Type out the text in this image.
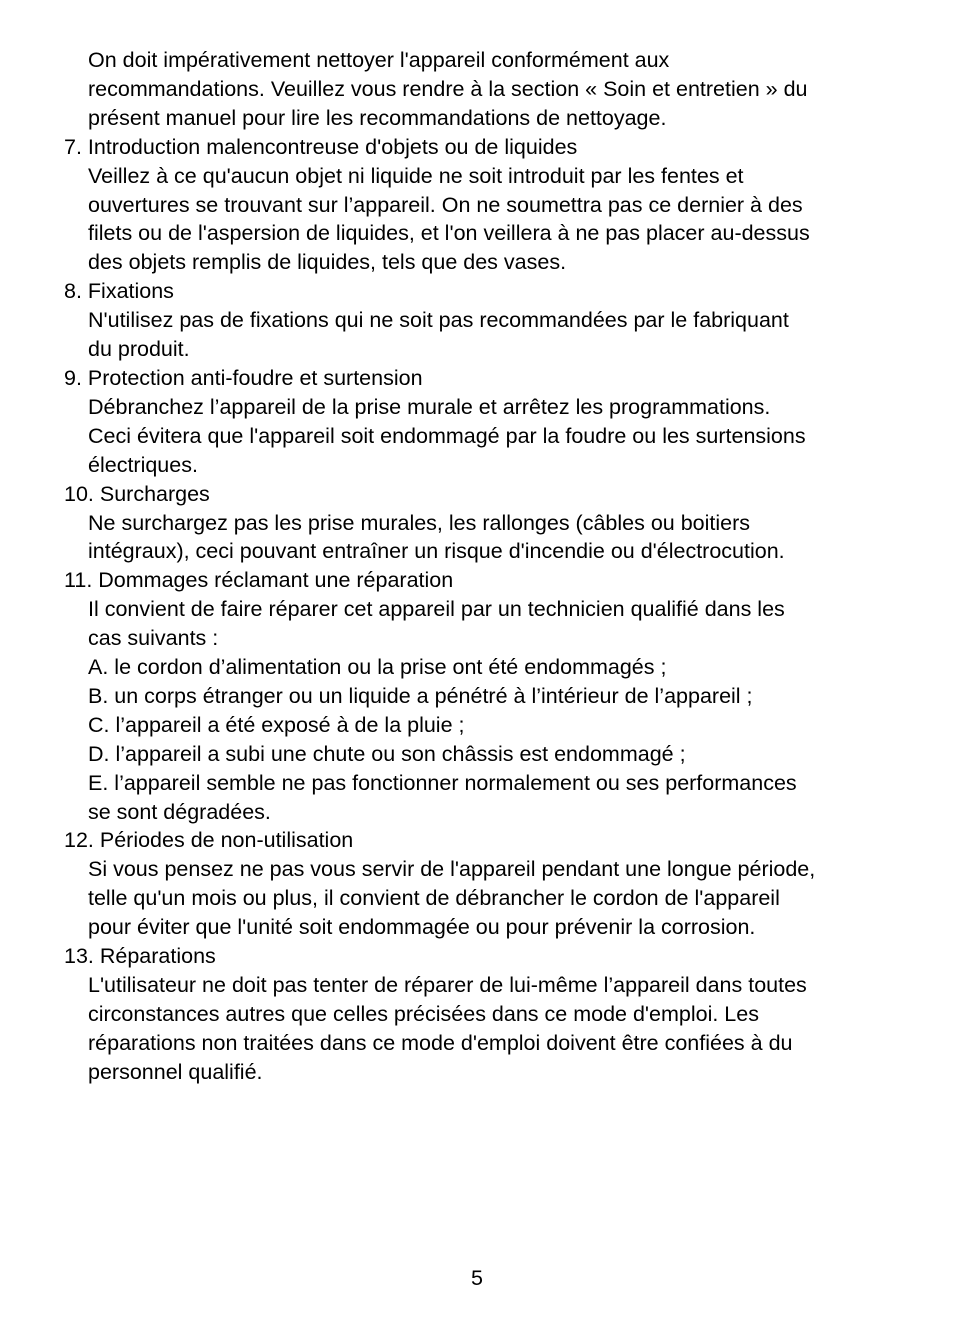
On doit impérativement nettoyer l'appareil conformément aux
recommandations. Veuillez vous rendre à la section « Soin et entretien » du
présent manuel pour lire les recommandations de nettoyage.
7. Introduction malencontreuse d'objets ou de liquides
Veillez à ce qu'aucun objet ni liquide ne soit introduit par les fentes et
ouvertures se trouvant sur l’appareil. On ne soumettra pas ce dernier à des
filets ou de l'aspersion de liquides, et l'on veillera à ne pas placer au-dessus
des objets remplis de liquides, tels que des vases.
8. Fixations
N'utilisez pas de fixations qui ne soit pas recommandées par le fabriquant
du produit.
9. Protection anti-foudre et surtension
Débranchez l’appareil de la prise murale et arrêtez les programmations.
Ceci évitera que l'appareil soit endommagé par la foudre ou les surtensions
électriques.
10. Surcharges
Ne surchargez pas les prise murales, les rallonges (câbles ou boitiers
intégraux), ceci pouvant entraîner un risque d'incendie ou d'électrocution.
11. Dommages réclamant une réparation
Il convient de faire réparer cet appareil par un technicien qualifié dans les
cas suivants :
A. le cordon d’alimentation ou la prise ont été endommagés ;
B. un corps étranger ou un liquide a pénétré à l’intérieur de l’appareil ;
C. l’appareil a été exposé à de la pluie ;
D. l’appareil a subi une chute ou son châssis est endommagé ;
E. l’appareil semble ne pas fonctionner normalement ou ses performances
se sont dégradées.
12. Périodes de non-utilisation
Si vous pensez ne pas vous servir de l'appareil pendant une longue période,
telle qu'un mois ou plus, il convient de débrancher le cordon de l'appareil
pour éviter que l'unité soit endommagée ou pour prévenir la corrosion.
13. Réparations
L'utilisateur ne doit pas tenter de réparer de lui-même l’appareil dans toutes
circonstances autres que celles précisées dans ce mode d'emploi. Les
réparations non traitées dans ce mode d'emploi doivent être confiées à du
personnel qualifié.
5
